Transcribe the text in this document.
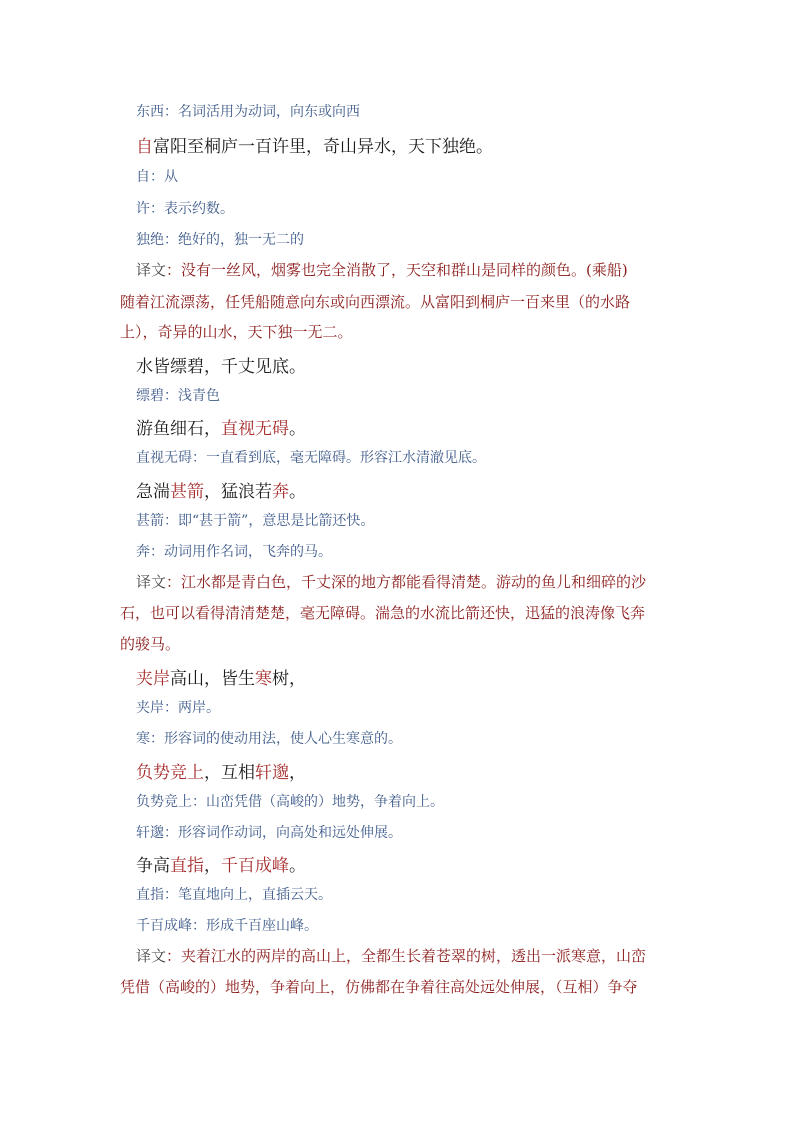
东西：名词活用为动词，向东或向西
自富阳至桐庐一百许里，奇山异水，天下独绝。
自：从
许：表示约数。
独绝：绝好的，独一无二的
译文：没有一丝风，烟雾也完全消散了，天空和群山是同样的颜色。(乘船)
随着江流漂荡，任凭船随意向东或向西漂流。从富阳到桐庐一百来里（的水路
上），奇异的山水，天下独一无二。
水皆缥碧，千丈见底。
缥碧：浅青色
游鱼细石，直视无碍。
直视无碍：一直看到底，毫无障碍。形容江水清澈见底。
急湍甚箭，猛浪若奔。
甚箭：即“甚于箭”，意思是比箭还快。
奔：动词用作名词，飞奔的马。
译文：江水都是青白色，千丈深的地方都能看得清楚。游动的鱼儿和细碎的沙
石，也可以看得清清楚楚，毫无障碍。湍急的水流比箭还快，迅猛的浪涛像飞奔
的骏马。
夹岸高山，皆生寒树，
夹岸：两岸。
寒：形容词的使动用法，使人心生寒意的。
负势竞上，互相轩邈，
负势竞上：山峦凭借（高峻的）地势，争着向上。
轩邈：形容词作动词，向高处和远处伸展。
争高直指，千百成峰。
直指：笔直地向上，直插云天。
千百成峰：形成千百座山峰。
译文：夹着江水的两岸的高山上，全都生长着苍翠的树，透出一派寒意，山峦
凭借（高峻的）地势，争着向上，仿佛都在争着往高处远处伸展，（互相）争夺
